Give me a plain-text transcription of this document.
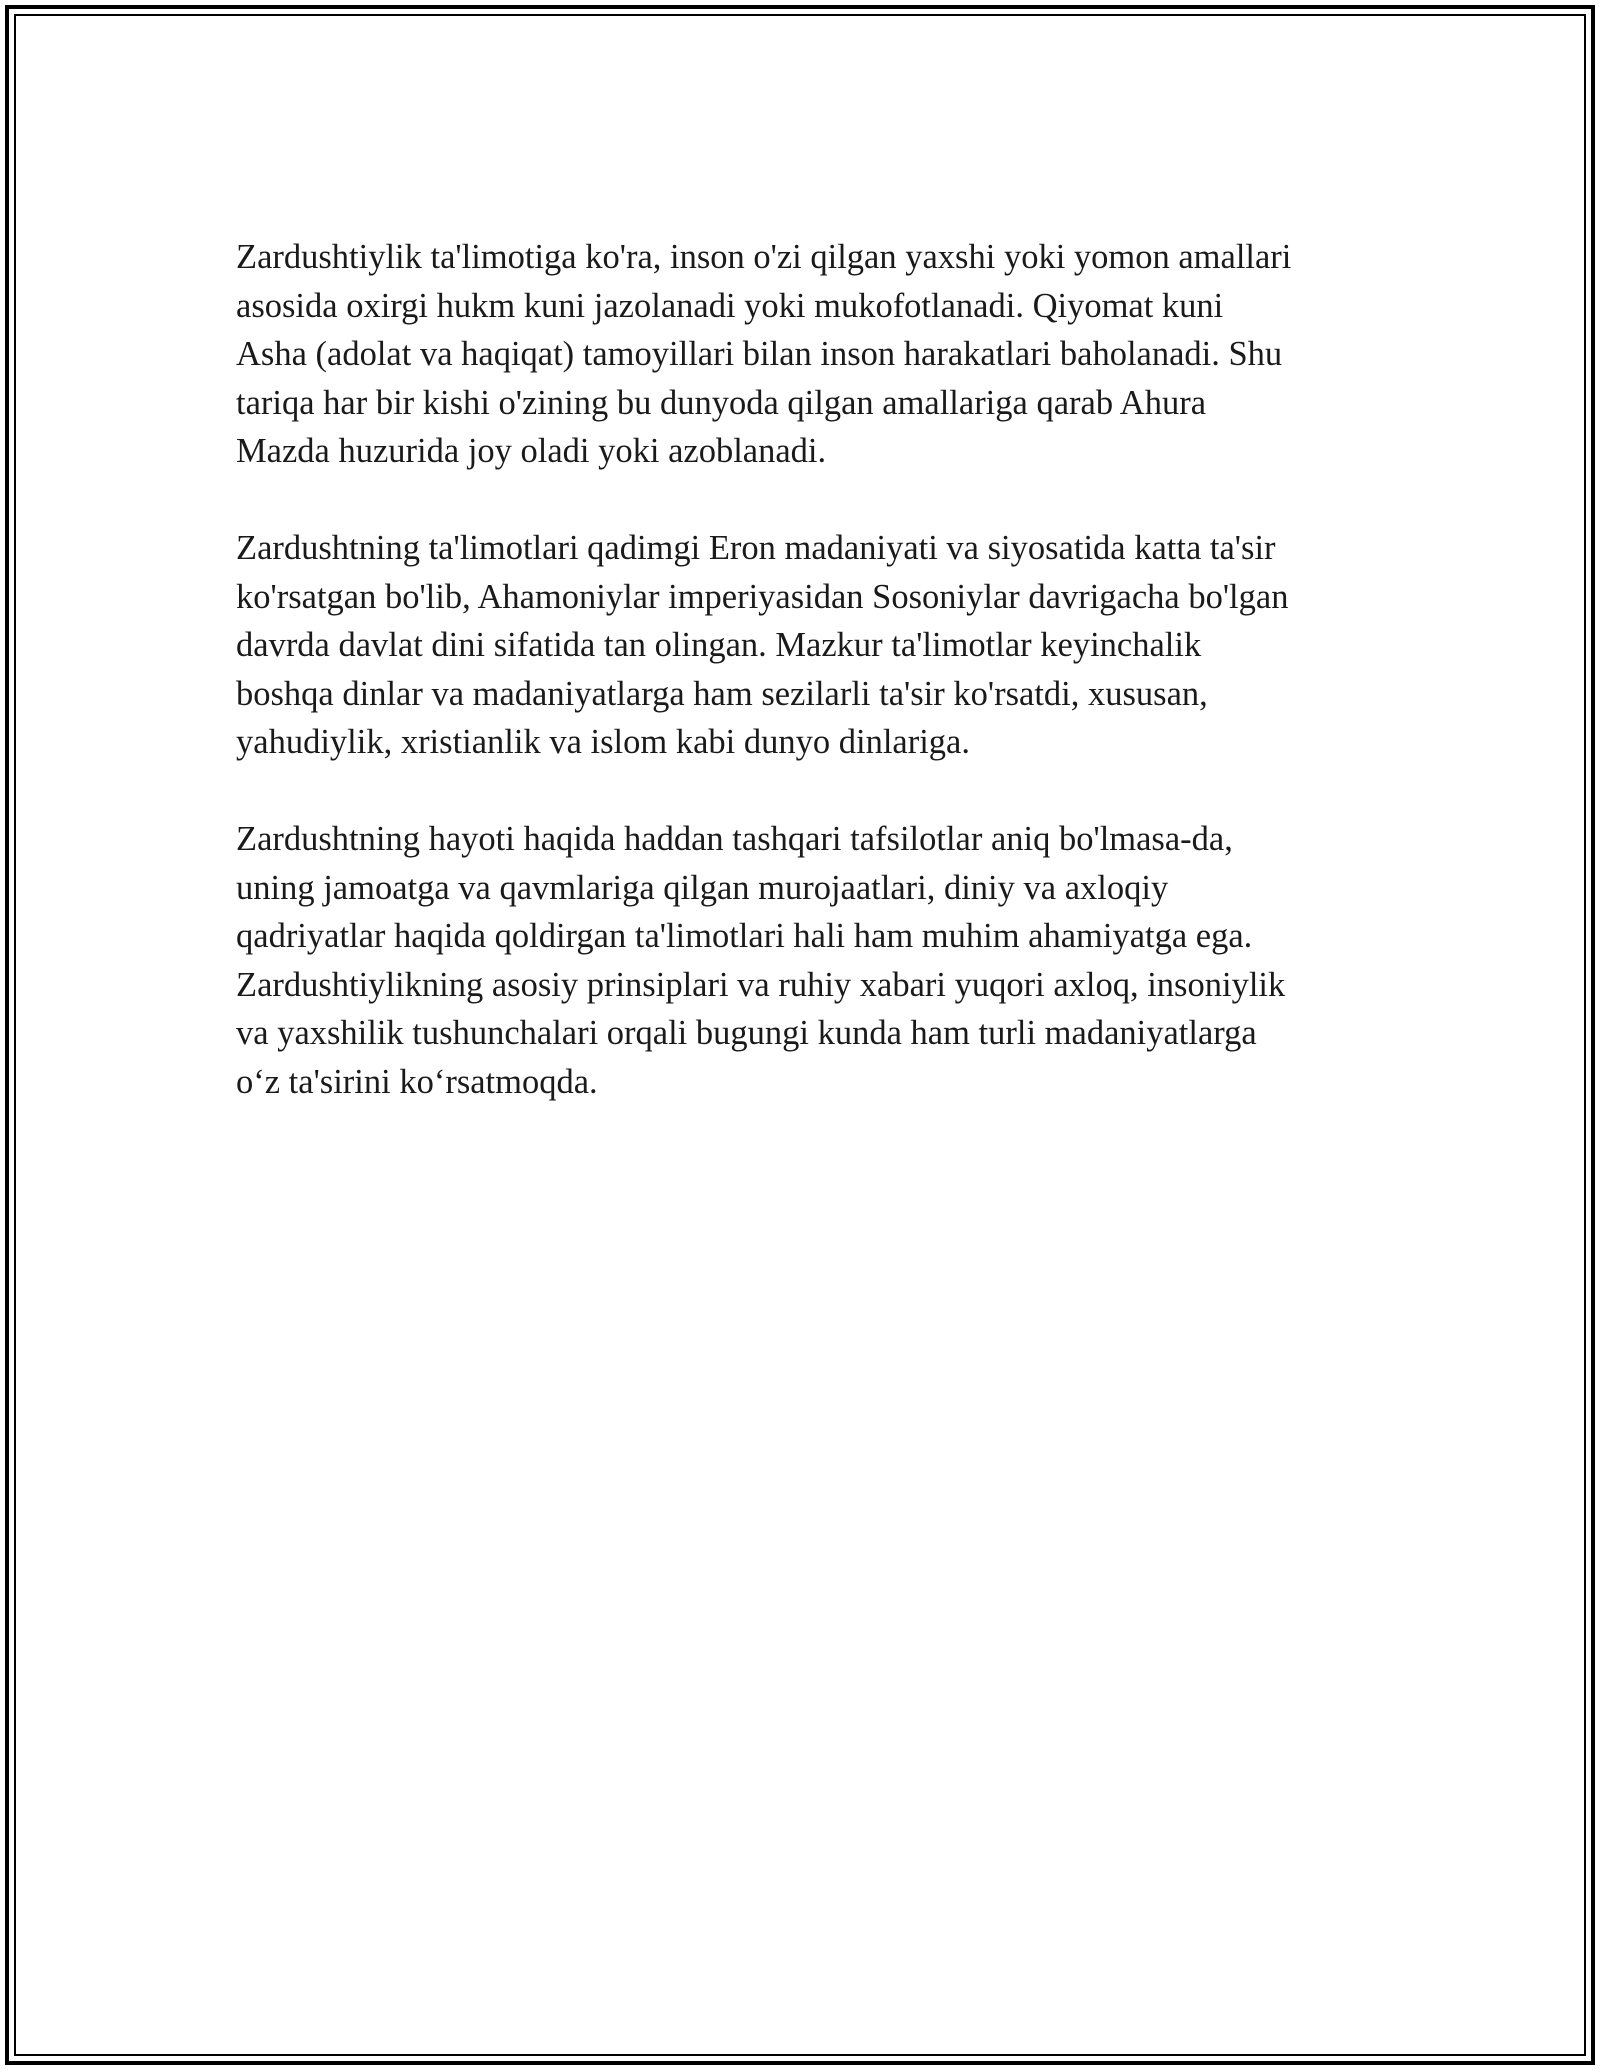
Zardushtiylik ta'limotiga ko'ra, inson o'zi qilgan yaxshi yoki yomon amallari
asosida oxirgi hukm kuni jazolanadi yoki mukofotlanadi. Qiyomat kuni
Asha (adolat va haqiqat) tamoyillari bilan inson harakatlari baholanadi. Shu
tariqa har bir kishi o'zining bu dunyoda qilgan amallariga qarab Ahura
Mazda huzurida joy oladi yoki azoblanadi.

Zardushtning ta'limotlari qadimgi Eron madaniyati va siyosatida katta ta'sir
ko'rsatgan bo'lib, Ahamoniylar imperiyasidan Sosoniylar davrigacha bo'lgan
davrda davlat dini sifatida tan olingan. Mazkur ta'limotlar keyinchalik
boshqa dinlar va madaniyatlarga ham sezilarli ta'sir ko'rsatdi, xususan,
yahudiylik, xristianlik va islom kabi dunyo dinlariga.

Zardushtning hayoti haqida haddan tashqari tafsilotlar aniq bo'lmasa-da,
uning jamoatga va qavmlariga qilgan murojaatlari, diniy va axloqiy
qadriyatlar haqida qoldirgan ta'limotlari hali ham muhim ahamiyatga ega.
Zardushtiylikning asosiy prinsiplari va ruhiy xabari yuqori axloq, insoniylik
va yaxshilik tushunchalari orqali bugungi kunda ham turli madaniyatlarga
o‘z ta'sirini ko‘rsatmoqda.
